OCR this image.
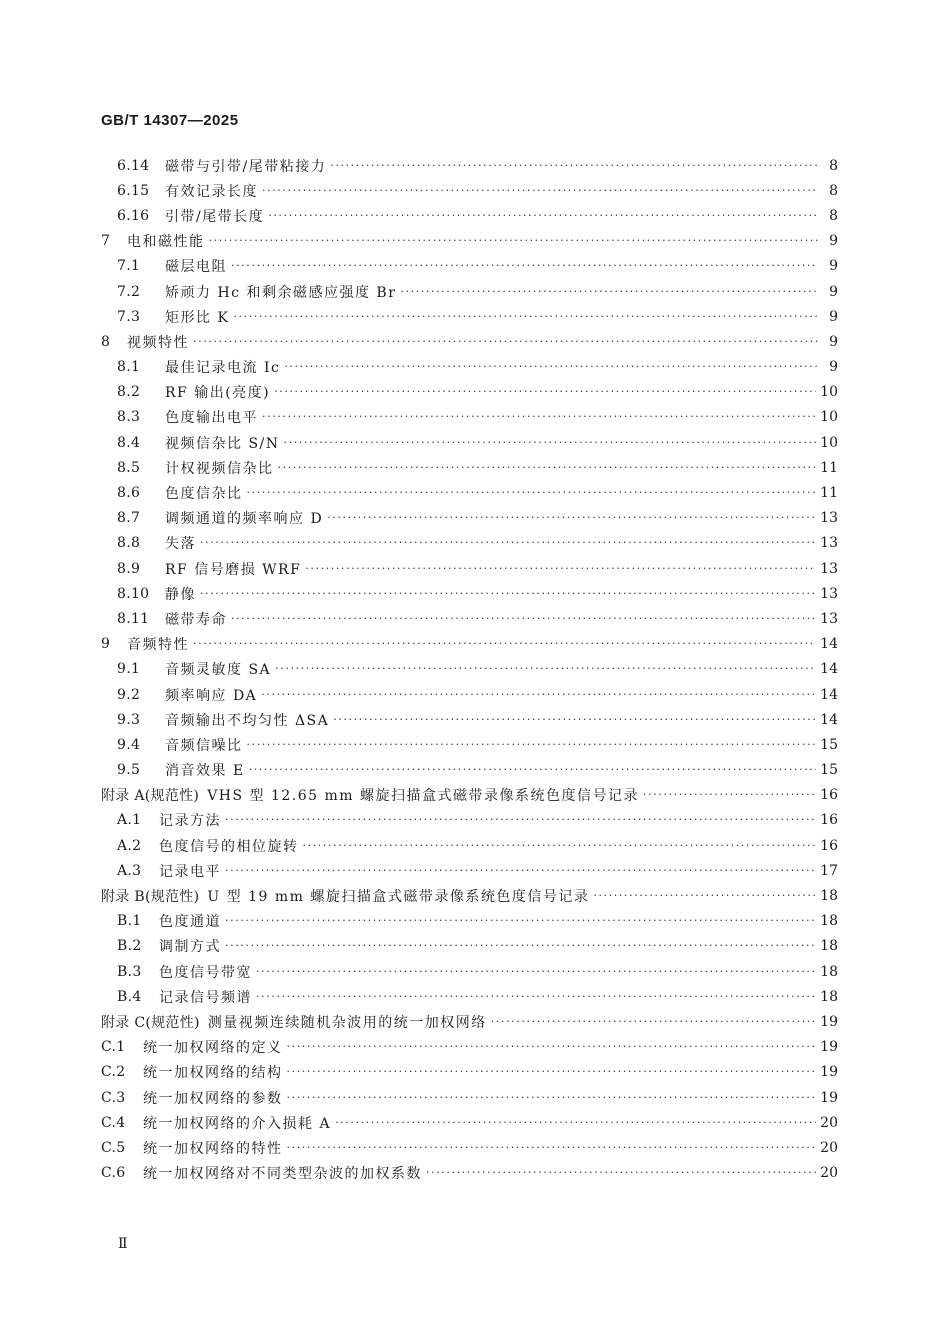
GB/T 14307—2025
6.14	磁带与引带/尾带粘接力 ·····	8
6.15	有效记录长度 ·····	8
6.16	引带/尾带长度 ·····	8
7	电和磁性能 ·····	9
7.1	磁层电阻 ·····	9
7.2	矫顽力 Hc 和剩余磁感应强度 Br ·····	9
7.3	矩形比 K ·····	9
8	视频特性 ·····	9
8.1	最佳记录电流 Ic ·····	9
8.2	RF 输出(亮度) ·····	10
8.3	色度输出电平 ·····	10
8.4	视频信杂比 S/N ·····	10
8.5	计权视频信杂比 ·····	11
8.6	色度信杂比 ·····	11
8.7	调频通道的频率响应 D ·····	13
8.8	失落 ·····	13
8.9	RF 信号磨损 WRF ·····	13
8.10	静像 ·····	13
8.11	磁带寿命 ·····	13
9	音频特性 ·····	14
9.1	音频灵敏度 SA ·····	14
9.2	频率响应 DA ·····	14
9.3	音频输出不均匀性 ΔSA ·····	14
9.4	音频信噪比 ·····	15
9.5	消音效果 E ·····	15
附录 A(规范性) VHS 型 12.65 mm 螺旋扫描盒式磁带录像系统色度信号记录 ·····	16
A.1	记录方法 ·····	16
A.2	色度信号的相位旋转 ·····	16
A.3	记录电平 ·····	17
附录 B(规范性) U 型 19 mm 螺旋扫描盒式磁带录像系统色度信号记录 ·····	18
B.1	色度通道 ·····	18
B.2	调制方式 ·····	18
B.3	色度信号带宽 ·····	18
B.4	记录信号频谱 ·····	18
附录 C(规范性) 测量视频连续随机杂波用的统一加权网络 ·····	19
C.1	统一加权网络的定义 ·····	19
C.2	统一加权网络的结构 ·····	19
C.3	统一加权网络的参数 ·····	19
C.4	统一加权网络的介入损耗 A ·····	20
C.5	统一加权网络的特性 ·····	20
C.6	统一加权网络对不同类型杂波的加权系数 ·····	20
Ⅱ
